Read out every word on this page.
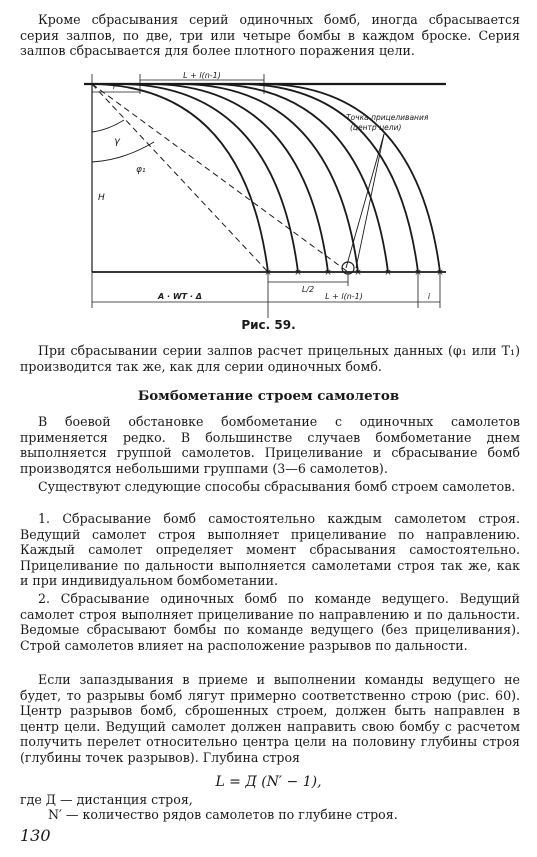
Кроме сбрасывания серий одиночных бомб, иногда сбрасывается серия залпов, по две, три или четыре бомбы в каждом броске. Серия залпов сбрасывается для более плотного поражения цели.

× × × × × × ×
i
L + l(n-1)
γ
φ₁
H
Точка прицеливания
(центр цели)
A · WT · Δ
L/2
L + l(n-1)	i
Рис. 59.

При сбрасывании серии залпов расчет прицельных данных (φ₁ или T₁) производится так же, как для серии одиночных бомб.

Бомбометание строем самолетов

В боевой обстановке бомбометание с одиночных самолетов применяется редко. В большинстве случаев бомбометание днем выполняется группой самолетов. Прицеливание и сбрасывание бомб производятся небольшими группами (3—6 самолетов).

Существуют следующие способы сбрасывания бомб строем самолетов.

1. Сбрасывание бомб самостоятельно каждым самолетом строя. Ведущий самолет строя выполняет прицеливание по направлению. Каждый самолет определяет момент сбрасывания самостоятельно. Прицеливание по дальности выполняется самолетами строя так же, как и при индивидуальном бомбометании.

2. Сбрасывание одиночных бомб по команде ведущего. Ведущий самолет строя выполняет прицеливание по направлению и по дальности. Ведомые сбрасывают бомбы по команде ведущего (без прицеливания). Строй самолетов влияет на расположение разрывов по дальности.

Если запаздывания в приеме и выполнении команды ведущего не будет, то разрывы бомб лягут примерно соответственно строю (рис. 60). Центр разрывов бомб, сброшенных строем, должен быть направлен в центр цели. Ведущий самолет должен направить свою бомбу с расчетом получить перелет относительно центра цели на половину глубины строя (глубины точек разрывов). Глубина строя

L = Д (N′ − 1),
где Д — дистанция строя,
N′ — количество рядов самолетов по глубине строя.
130
